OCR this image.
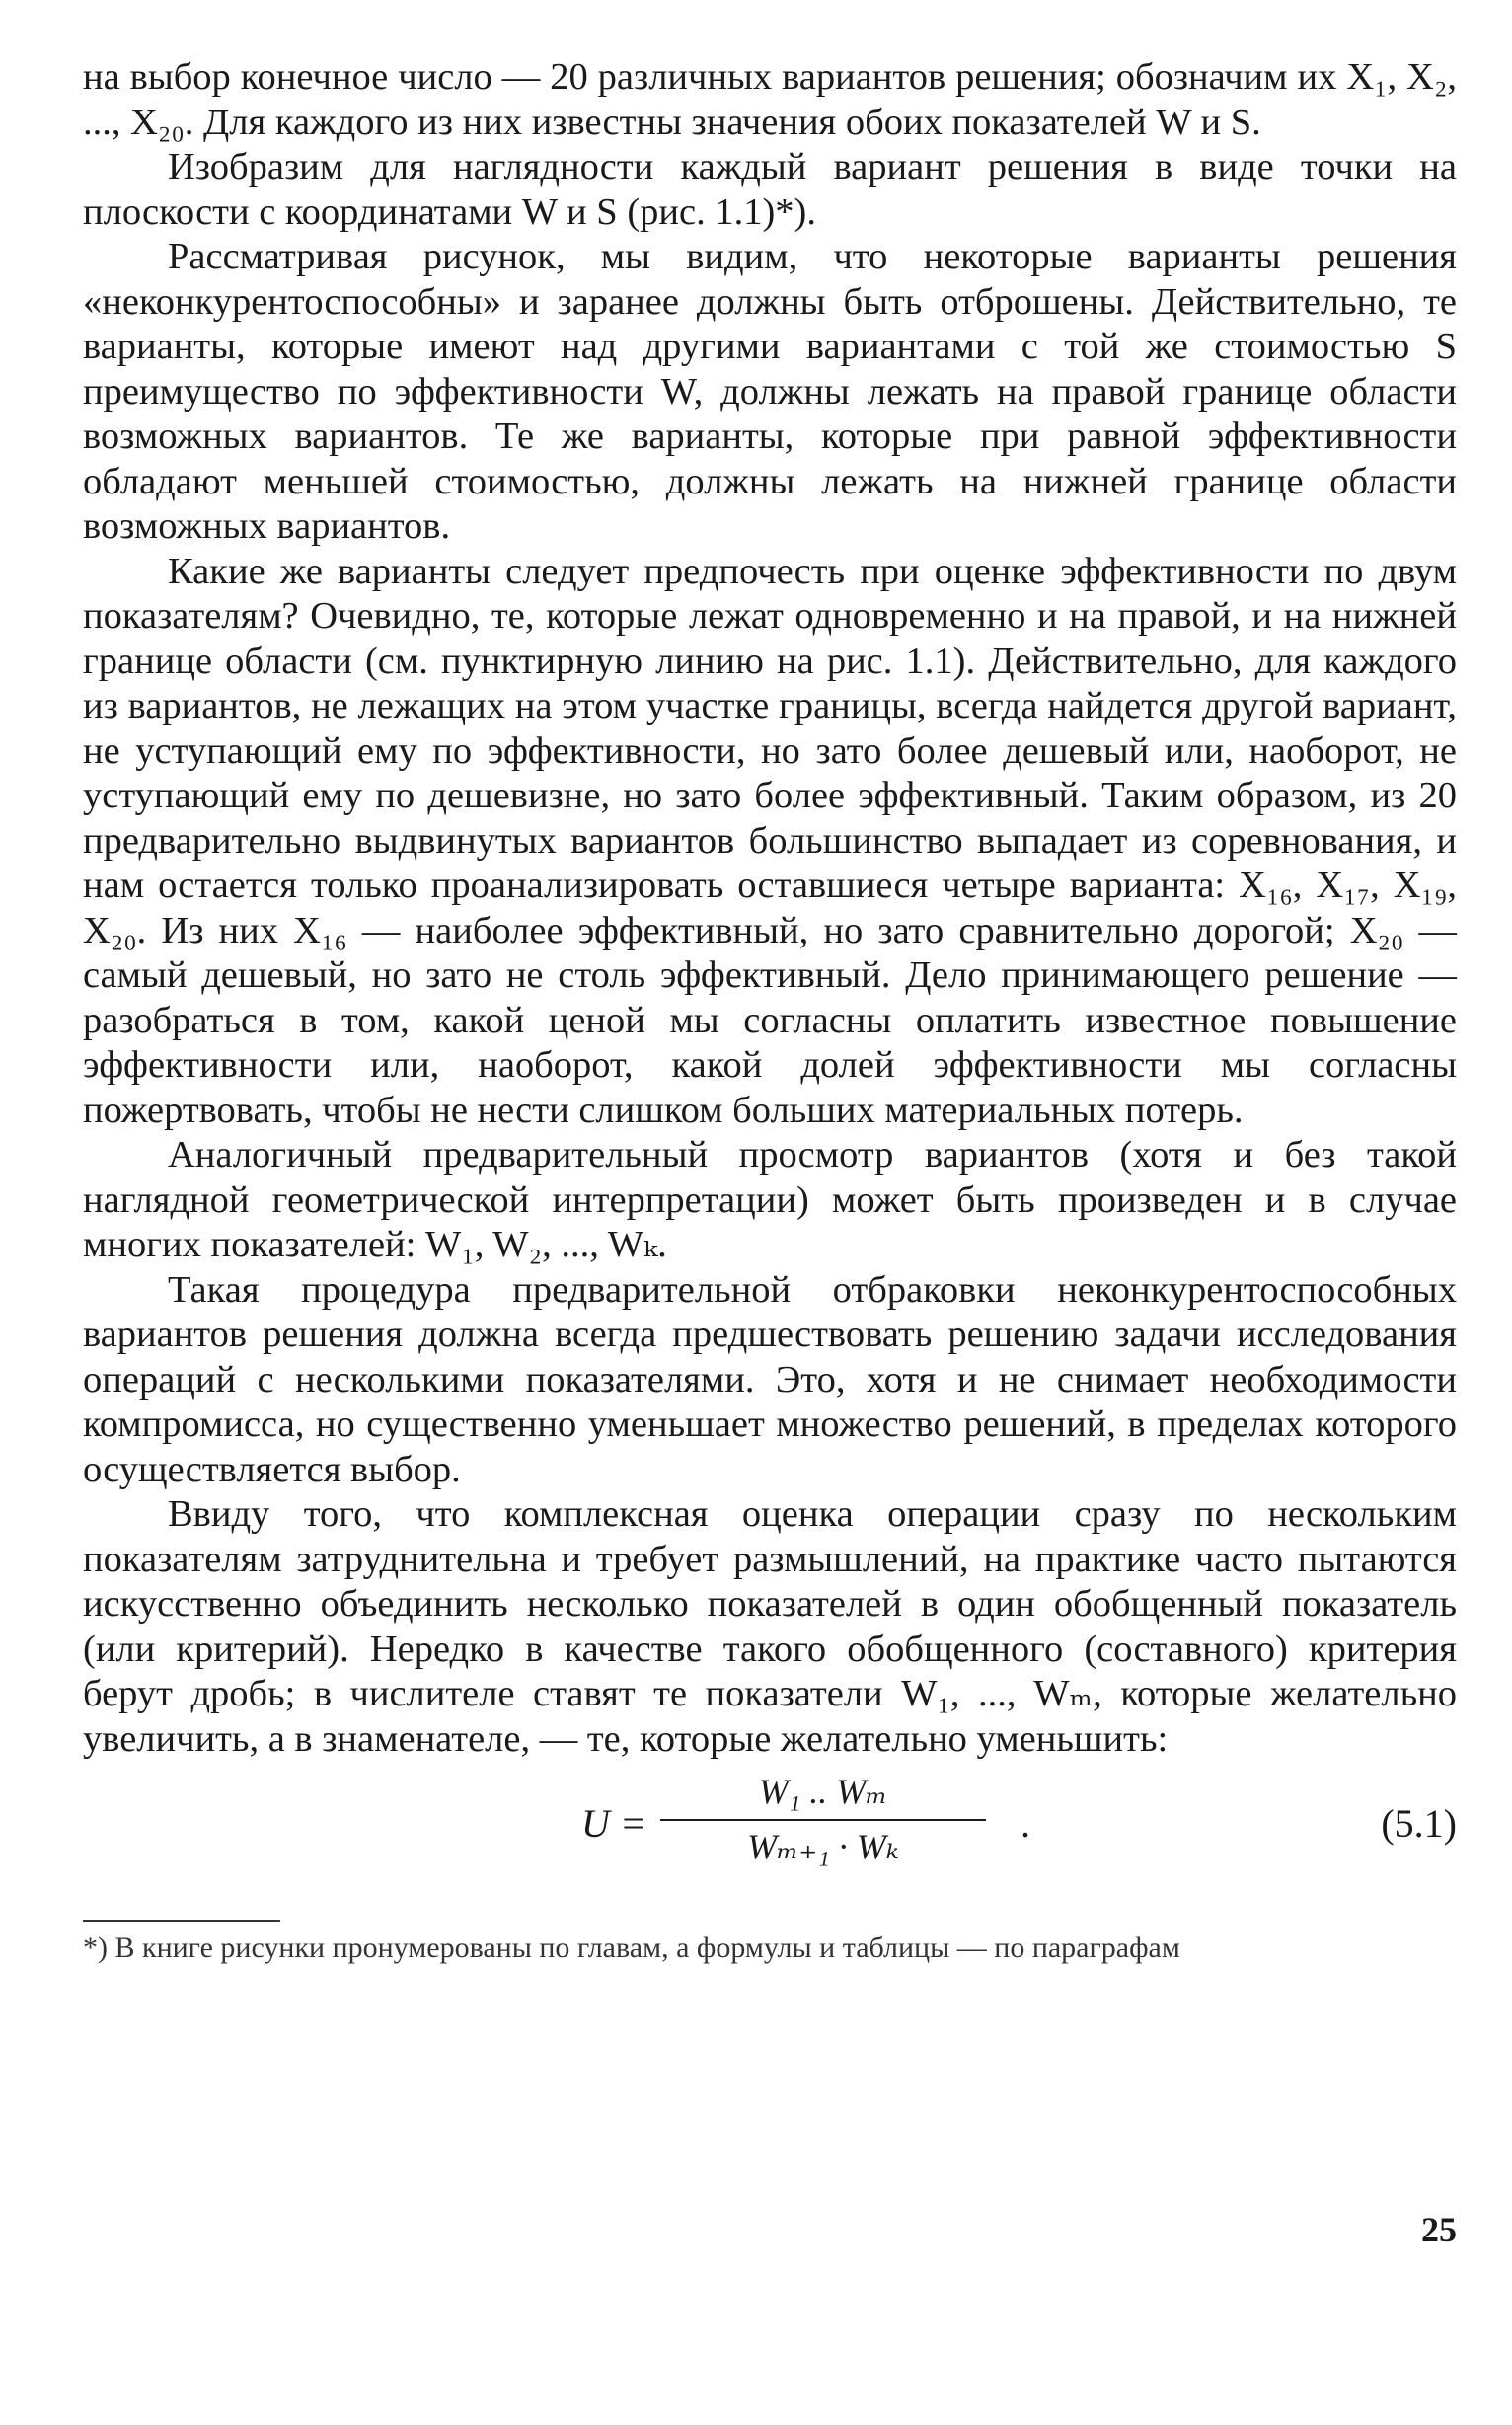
на выбор конечное число — 20 различных вариантов решения; обозначим их X₁, X₂, ..., X₂₀. Для каждого из них известны значения обоих показателей W и S.

Изобразим для наглядности каждый вариант решения в виде точки на плоскости с координатами W и S (рис. 1.1)*).

Рассматривая рисунок, мы видим, что некоторые варианты решения «неконкурентоспособны» и заранее должны быть отброшены. Действительно, те варианты, которые имеют над другими вариантами с той же стоимостью S преимущество по эффективности W, должны лежать на правой границе области возможных вариантов. Те же варианты, которые при равной эффективности обладают меньшей стоимостью, должны лежать на нижней границе области возможных вариантов.

Какие же варианты следует предпочесть при оценке эффективности по двум показателям? Очевидно, те, которые лежат одновременно и на правой, и на нижней границе области (см. пунктирную линию на рис. 1.1). Действительно, для каждого из вариантов, не лежащих на этом участке границы, всегда найдется другой вариант, не уступающий ему по эффективности, но зато более дешевый или, наоборот, не уступающий ему по дешевизне, но зато более эффективный. Таким образом, из 20 предварительно выдвинутых вариантов большинство выпадает из соревнования, и нам остается только проанализировать оставшиеся четыре варианта: X₁₆, X₁₇, X₁₉, X₂₀. Из них X₁₆ — наиболее эффективный, но зато сравнительно дорогой; X₂₀ — самый дешевый, но зато не столь эффективный. Дело принимающего решение — разобраться в том, какой ценой мы согласны оплатить известное повышение эффективности или, наоборот, какой долей эффективности мы согласны пожертвовать, чтобы не нести слишком больших материальных потерь.

Аналогичный предварительный просмотр вариантов (хотя и без такой наглядной геометрической интерпретации) может быть произведен и в случае многих показателей: W₁, W₂, ..., Wₖ.

Такая процедура предварительной отбраковки неконкурентоспособных вариантов решения должна всегда предшествовать решению задачи исследования операций с несколькими показателями. Это, хотя и не снимает необходимости компромисса, но существенно уменьшает множество решений, в пределах которого осуществляется выбор.

Ввиду того, что комплексная оценка операции сразу по нескольким показателям затруднительна и требует размышлений, на практике часто пытаются искусственно объединить несколько показателей в один обобщенный показатель (или критерий). Нередко в качестве такого обобщенного (составного) критерия берут дробь; в числителе ставят те показатели W₁, ..., Wₘ, которые желательно увеличить, а в знаменателе, — те, которые желательно уменьшить:

U =
W₁ .. Wₘ
Wₘ₊₁ · Wₖ
.	(5.1)
*) В книге рисунки пронумерованы по главам, а формулы и таблицы — по параграфам
25
